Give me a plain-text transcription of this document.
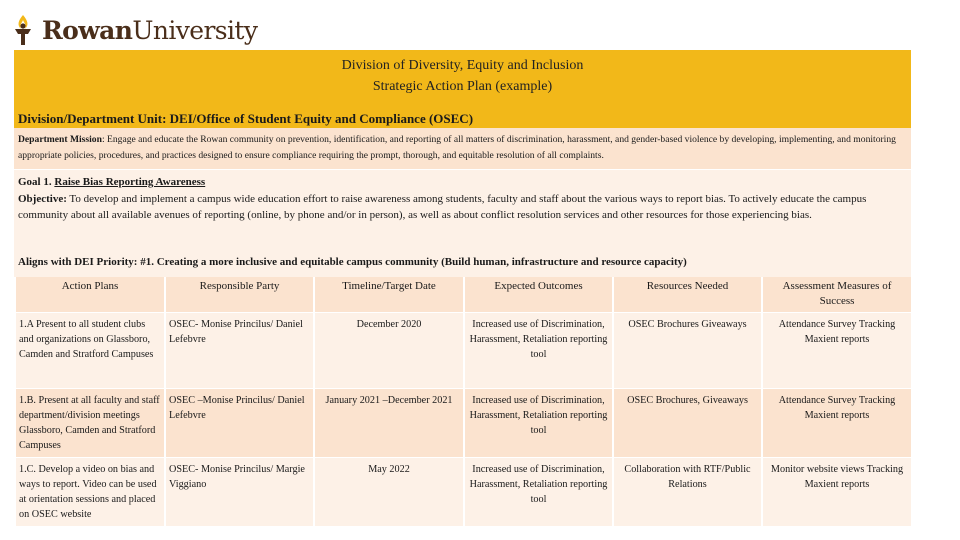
RowanUniversity
Division of Diversity, Equity and Inclusion
Strategic Action Plan (example)
Division/Department Unit: DEI/Office of Student Equity and Compliance (OSEC)
Department Mission: Engage and educate the Rowan community on prevention, identification, and reporting of all matters of discrimination, harassment, and gender-based violence by developing, implementing, and monitoring appropriate policies, procedures, and practices designed to ensure compliance requiring the prompt, thorough, and equitable resolution of all complaints.
Goal 1. Raise Bias Reporting Awareness
Objective: To develop and implement a campus wide education effort to raise awareness among students, faculty and staff about the various ways to report bias. To actively educate the campus community about all available avenues of reporting (online, by phone and/or in person), as well as about conflict resolution services and other resources for those experiencing bias.
Aligns with DEI Priority: #1. Creating a more inclusive and equitable campus community (Build human, infrastructure and resource capacity)
Action Plans	Responsible Party	Timeline/Target Date	Expected Outcomes	Resources Needed	Assessment Measures of Success
1.A Present to all student clubs and organizations on Glassboro, Camden and Stratford Campuses	OSEC- Monise Princilus/ Daniel Lefebvre	December 2020	Increased use of Discrimination, Harassment, Retaliation reporting tool	OSEC Brochures Giveaways	Attendance Survey Tracking Maxient reports
1.B. Present at all faculty and staff department/division meetings Glassboro, Camden and Stratford Campuses	OSEC –Monise Princilus/ Daniel Lefebvre	January 2021 –December 2021	Increased use of Discrimination, Harassment, Retaliation reporting tool	OSEC Brochures, Giveaways	Attendance Survey Tracking Maxient reports
1.C. Develop a video on bias and ways to report. Video can be used at orientation sessions and placed on OSEC website	OSEC- Monise Princilus/ Margie Viggiano	May 2022	Increased use of Discrimination, Harassment, Retaliation reporting tool	Collaboration with RTF/Public Relations	Monitor website views Tracking Maxient reports
